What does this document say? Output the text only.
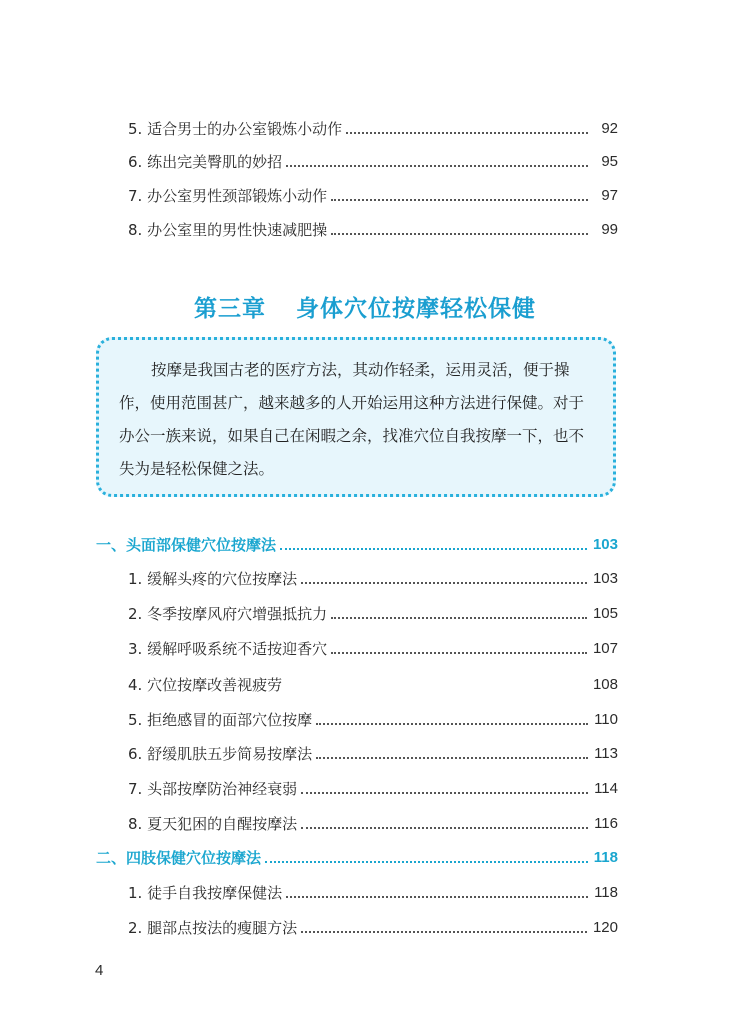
5. 适合男士的办公室锻炼小动作	92
6. 练出完美臀肌的妙招	95
7. 办公室男性颈部锻炼小动作	97
8. 办公室里的男性快速减肥操	99
第三章 身体穴位按摩轻松保健

按摩是我国古老的医疗方法，其动作轻柔，运用灵活，便于操作，使用范围甚广，越来越多的人开始运用这种方法进行保健。对于办公一族来说，如果自己在闲暇之余，找准穴位自我按摩一下，也不失为是轻松保健之法。

一、头面部保健穴位按摩法	103
1. 缓解头疼的穴位按摩法	103
2. 冬季按摩风府穴增强抵抗力	105
3. 缓解呼吸系统不适按迎香穴	107
4. 穴位按摩改善视疲劳	108
5. 拒绝感冒的面部穴位按摩	110
6. 舒缓肌肤五步简易按摩法	113
7. 头部按摩防治神经衰弱	114
8. 夏天犯困的自醒按摩法	116
二、四肢保健穴位按摩法	118
1. 徒手自我按摩保健法	118
2. 腿部点按法的瘦腿方法	120
4
